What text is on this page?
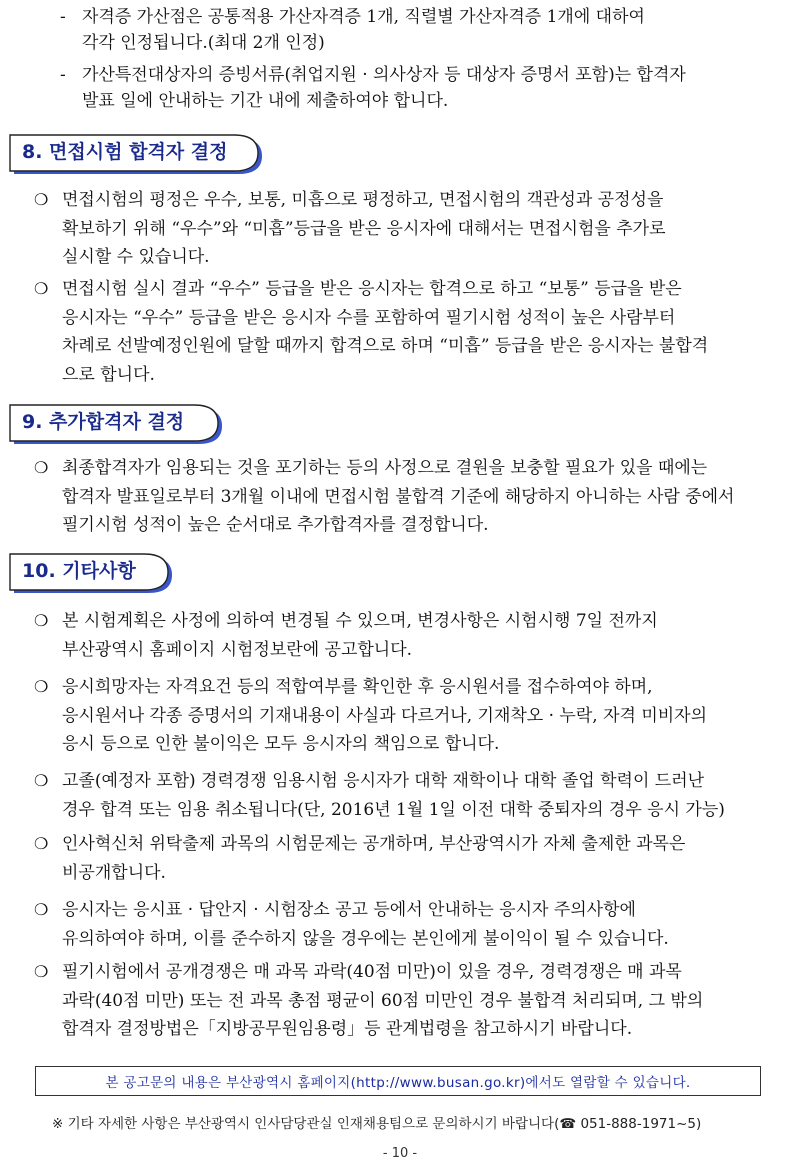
- 자격증 가산점은 공통적용 가산자격증 1개, 직렬별 가산자격증 1개에 대하여
각각 인정됩니다.(최대 2개 인정)
- 가산특전대상자의 증빙서류(취업지원 · 의사상자 등 대상자 증명서 포함)는 합격자
발표 일에 안내하는 기간 내에 제출하여야 합니다.
8. 면접시험 합격자 결정
❍ 면접시험의 평정은 우수, 보통, 미흡으로 평정하고, 면접시험의 객관성과 공정성을
확보하기 위해 “우수”와 “미흡”등급을 받은 응시자에 대해서는 면접시험을 추가로
실시할 수 있습니다.
❍ 면접시험 실시 결과 “우수” 등급을 받은 응시자는 합격으로 하고 “보통” 등급을 받은
응시자는 “우수” 등급을 받은 응시자 수를 포함하여 필기시험 성적이 높은 사람부터
차례로 선발예정인원에 달할 때까지 합격으로 하며 “미흡” 등급을 받은 응시자는 불합격
으로 합니다.
9. 추가합격자 결정
❍ 최종합격자가 임용되는 것을 포기하는 등의 사정으로 결원을 보충할 필요가 있을 때에는
합격자 발표일로부터 3개월 이내에 면접시험 불합격 기준에 해당하지 아니하는 사람 중에서
필기시험 성적이 높은 순서대로 추가합격자를 결정합니다.
10. 기타사항
❍ 본 시험계획은 사정에 의하여 변경될 수 있으며, 변경사항은 시험시행 7일 전까지
부산광역시 홈페이지 시험정보란에 공고합니다.
❍ 응시희망자는 자격요건 등의 적합여부를 확인한 후 응시원서를 접수하여야 하며,
응시원서나 각종 증명서의 기재내용이 사실과 다르거나, 기재착오 · 누락, 자격 미비자의
응시 등으로 인한 불이익은 모두 응시자의 책임으로 합니다.
❍ 고졸(예정자 포함) 경력경쟁 임용시험 응시자가 대학 재학이나 대학 졸업 학력이 드러난
경우 합격 또는 임용 취소됩니다(단, 2016년 1월 1일 이전 대학 중퇴자의 경우 응시 가능)
❍ 인사혁신처 위탁출제 과목의 시험문제는 공개하며, 부산광역시가 자체 출제한 과목은
비공개합니다.
❍ 응시자는 응시표 · 답안지 · 시험장소 공고 등에서 안내하는 응시자 주의사항에
유의하여야 하며, 이를 준수하지 않을 경우에는 본인에게 불이익이 될 수 있습니다.
❍ 필기시험에서 공개경쟁은 매 과목 과락(40점 미만)이 있을 경우, 경력경쟁은 매 과목
과락(40점 미만) 또는 전 과목 총점 평균이 60점 미만인 경우 불합격 처리되며, 그 밖의
합격자 결정방법은「지방공무원임용령」등 관계법령을 참고하시기 바랍니다.
본 공고문의 내용은 부산광역시 홈페이지(http://www.busan.go.kr)에서도 열람할 수 있습니다.
※ 기타 자세한 사항은 부산광역시 인사담당관실 인재채용팀으로 문의하시기 바랍니다(☎ 051-888-1971~5)
- 10 -
